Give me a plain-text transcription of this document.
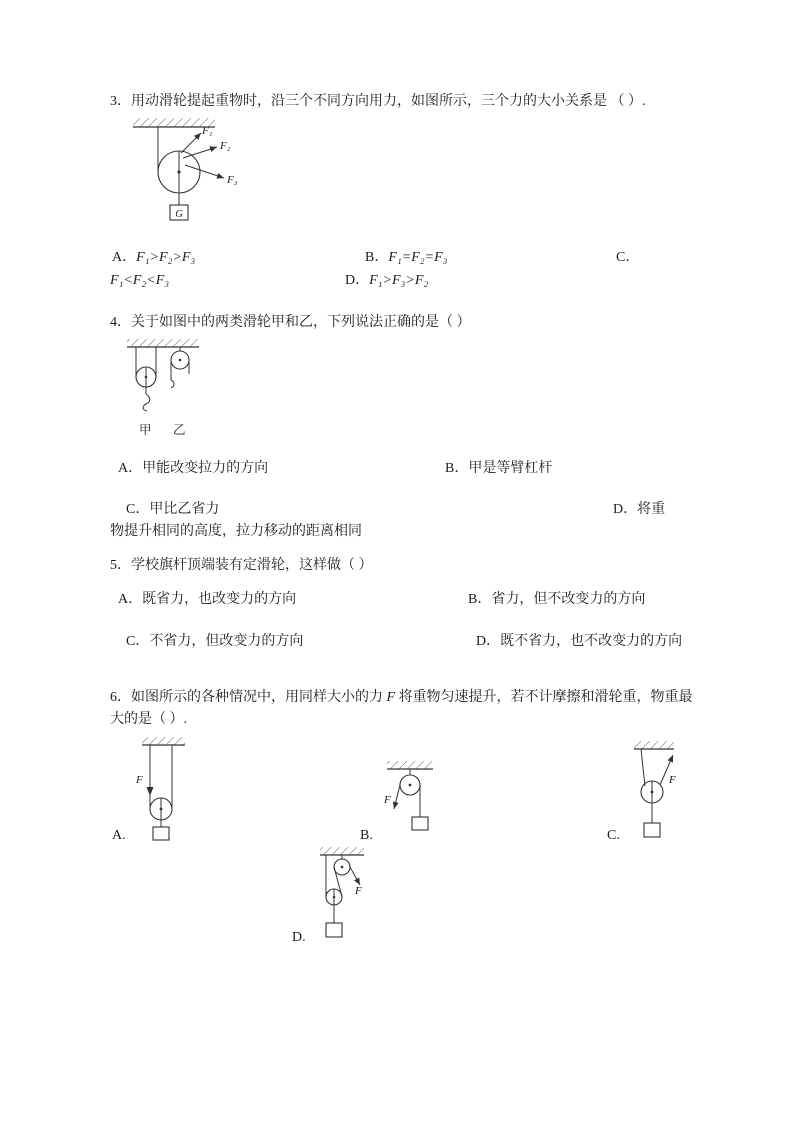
3．用动滑轮提起重物时，沿三个不同方向用力，如图所示，三个力的大小关系是 （ ）.
F₁
F₂
F₃
G
A．F₁>F₂>F₃	B．F₁=F₂=F₃	C．
F₁<F₂<F₃	D．F₁>F₃>F₂
4．关于如图中的两类滑轮甲和乙，下列说法正确的是（ ）
甲 乙
A．甲能改变拉力的方向	B．甲是等臂杠杆
C．甲比乙省力	D．将重
物提升相同的高度，拉力移动的距离相同
5．学校旗杆顶端装有定滑轮，这样做（ ）
A．既省力，也改变力的方向	B．省力，但不改变力的方向
C．不省力，但改变力的方向	D．既不省力，也不改变力的方向
6．如图所示的各种情况中，用同样大小的力 F 将重物匀速提升，若不计摩擦和滑轮重，物重最
大的是（ ）.
F
F
F
F
A.	B.	C.
D.
